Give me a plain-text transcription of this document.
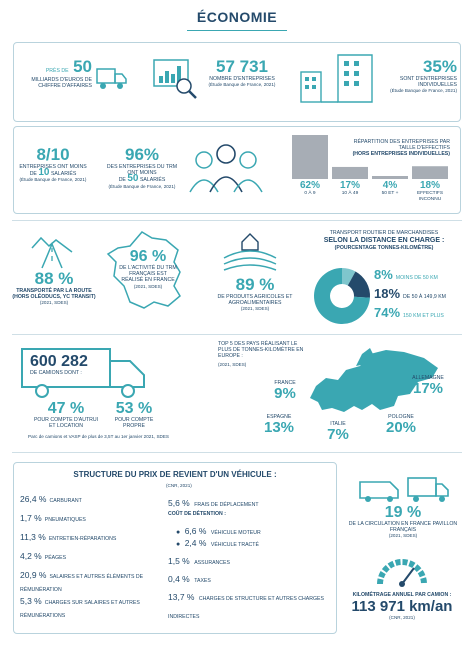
ÉCONOMIE
PRÈS DE 50
MILLIARDS D'EUROS DE CHIFFRE D'AFFAIRES
57 731
NOMBRE D'ENTREPRISES
(Étude Banque de France, 2021)
35%
SONT D'ENTREPRISES INDIVIDUELLES
(Étude Banque de France, 2021)
8/10
ENTREPRISES ONT MOINS
DE 10 SALARIÉS
(Étude Banque de France, 2021)
96%
DES ENTREPRISES DU TRM ONT MOINS
DE 50 SALARIÉS
(Étude Banque de France, 2021)
RÉPARTITION DES ENTREPRISES PAR TAILLE D'EFFECTIFS
(HORS ENTREPRISES INDIVIDUELLES)
62%
0 À 9
17%
10 À 49
4%
50 ET +
18%
EFFECTIFS INCONNU
88 %
TRANSPORTÉ PAR LA ROUTE
(HORS OLÉODUCS, YC TRANSIT)
(2021, SDES)
96 %
DE L'ACTIVITÉ DU TRM FRANÇAIS EST RÉALISÉ EN FRANCE
(2021, SDES)	89 %
DE PRODUITS AGRICOLES ET AGROALIMENTAIRES
(2021, SDES)
TRANSPORT ROUTIER DE MARCHANDISES
SELON LA DISTANCE EN CHARGE :
(POURCENTAGE TONNES-KILOMÈTRE)
8% MOINS DE 50 KM
18% DE 50 À 149,9 KM
74% 150 KM ET PLUS
600 282
DE CAMIONS DONT :
47 %
POUR COMPTE D'AUTRUI ET LOCATION
53 %
POUR COMPTE PROPRE
Parc de camions et VASP de plus de 3,5T au 1er janvier 2021, SDES
TOP 5 DES PAYS RÉALISANT LE PLUS DE TONNES-KILOMÈTRE EN EUROPE :
(2021, SDES)
FRANCE
9%
ALLEMAGNE
17%
ESPAGNE
13%	ITALIE
7%
POLOGNE
20%
STRUCTURE DU PRIX DE REVIENT D'UN VÉHICULE :
(CNR, 2021)
26,4 % CARBURANT
1,7 % PNEUMATIQUES
11,3 % ENTRETIEN-RÉPARATIONS
4,2 % PÉAGES
20,9 % SALAIRES ET AUTRES ÉLÉMENTS DE RÉMUNÉRATION
5,3 % CHARGES SUR SALAIRES ET AUTRES RÉMUNÉRATIONS
5,6 % FRAIS DE DÉPLACEMENT
COÛT DE DÉTENTION :
● 6,6 % VÉHICULE MOTEUR
● 2,4 % VÉHICULE TRACTÉ
1,5 % ASSURANCES
0,4 % TAXES
13,7 % CHARGES DE STRUCTURE ET AUTRES CHARGES INDIRECTES
19 %
DE LA CIRCULATION EN FRANCE PAVILLON FRANÇAIS
(2021, SDES)
KILOMÉTRAGE ANNUEL PAR CAMION :
113 971 km/an
(CNR, 2021)
